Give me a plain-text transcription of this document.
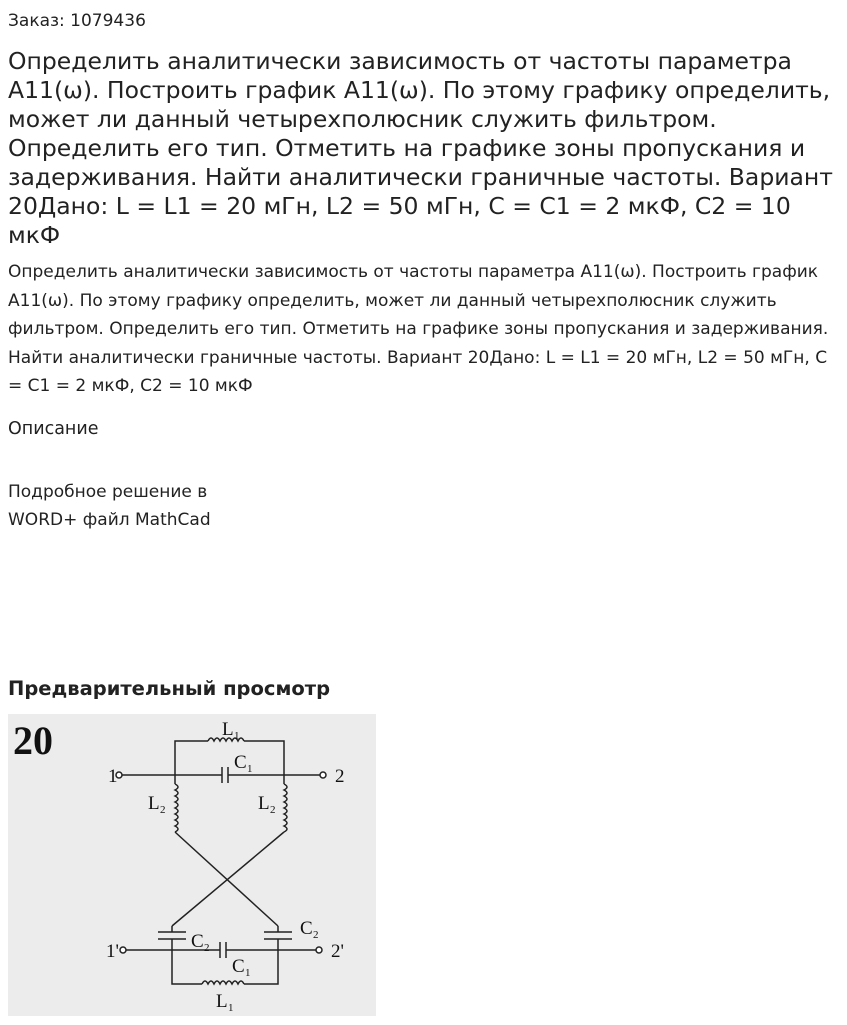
Заказ: 1079436
Определить аналитически зависимость от частоты параметра А11(ω). Построить график А11(ω). По этому графику определить, может ли данный четырехполюсник служить фильтром. Определить его тип. Отметить на графике зоны пропускания и задерживания. Найти аналитически граничные частоты. Вариант 20Дано: L = L1 = 20 мГн, L2 = 50 мГн, C = C1 = 2 мкФ, C2 = 10 мкФ

Определить аналитически зависимость от частоты параметра А11(ω). Построить график А11(ω). По этому графику определить, может ли данный четырехполюсник служить фильтром. Определить его тип. Отметить на графике зоны пропускания и задерживания. Найти аналитически граничные частоты. Вариант 20Дано: L = L1 = 20 мГн, L2 = 50 мГн, C = C1 = 2 мкФ, C2 = 10 мкФ

Описание
Подробное решение в WORD+ файл MathCad
Предварительный просмотр
20	L 1
C 1
L 2	L 2
C 2
C 2
C 1
L 1
1	2
1'	2'
